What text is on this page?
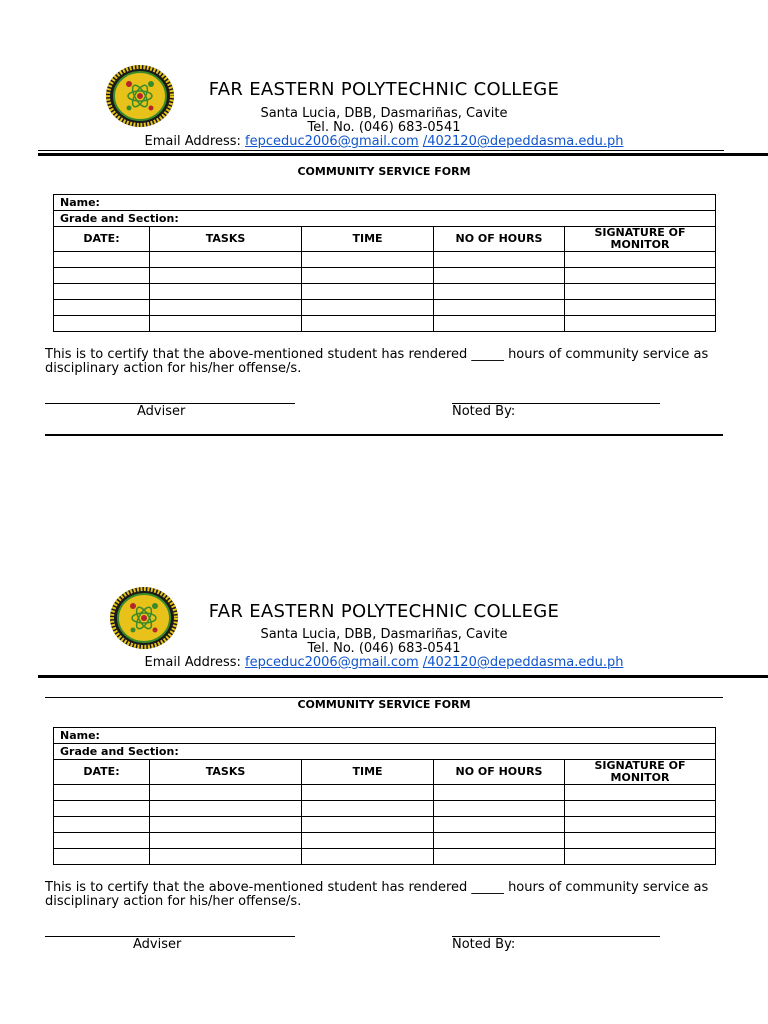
FAR EASTERN POLYTECHNIC COLLEGE
Santa Lucia, DBB, Dasmariñas, Cavite
Tel. No. (046) 683-0541
Email Address: fepceduc2006@gmail.com /402120@depeddasma.edu.ph
COMMUNITY SERVICE FORM
Name:				
Grade and Section:				
DATE:	TASKS	TIME	NO OF HOURS	SIGNATURE OF MONITOR

This is to certify that the above-mentioned student has rendered _____ hours of community service as disciplinary action for his/her offense/s.
Adviser	Noted By:
FAR EASTERN POLYTECHNIC COLLEGE
Santa Lucia, DBB, Dasmariñas, Cavite
Tel. No. (046) 683-0541
Email Address: fepceduc2006@gmail.com /402120@depeddasma.edu.ph
COMMUNITY SERVICE FORM
Name:				
Grade and Section:				
DATE:	TASKS	TIME	NO OF HOURS	SIGNATURE OF MONITOR

This is to certify that the above-mentioned student has rendered _____ hours of community service as disciplinary action for his/her offense/s.
Adviser	Noted By:
